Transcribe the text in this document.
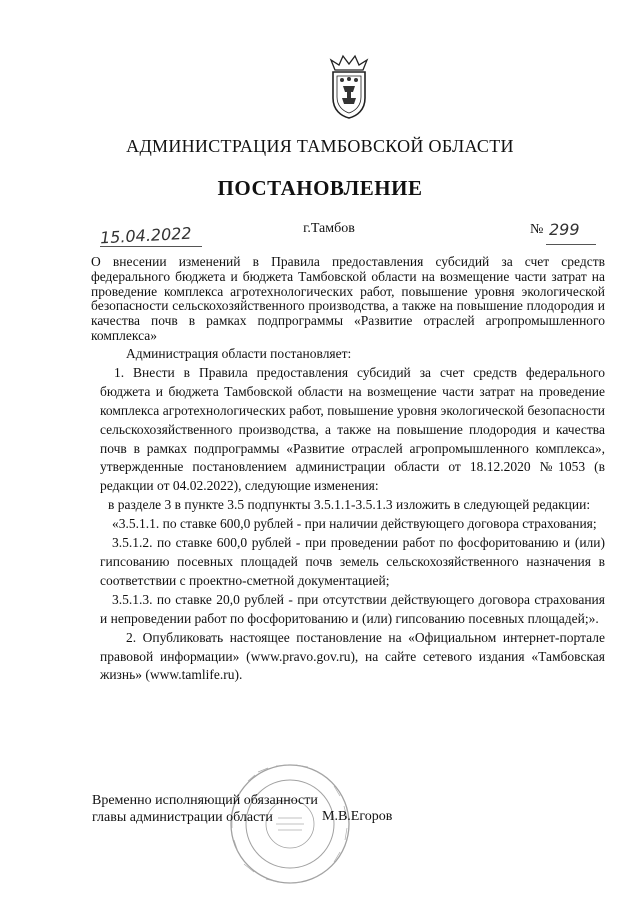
АДМИНИСТРАЦИЯ ТАМБОВСКОЙ ОБЛАСТИ
ПОСТАНОВЛЕНИЕ
15.04.2022	г.Тамбов	№ 299
О внесении изменений в Правила предоставления субсидий за счет средств федерального бюджета и бюджета Тамбовской области на возмещение части затрат на проведение комплекса агротехнологических работ, повышение уровня экологической безопасности сельскохозяйственного производства, а также на повышение плодородия и качества почв в рамках подпрограммы «Развитие отраслей агропромышленного комплекса»

Администрация области постановляет:

1. Внести в Правила предоставления субсидий за счет средств федерального бюджета и бюджета Тамбовской области на возмещение части затрат на проведение комплекса агротехнологических работ, повышение уровня экологической безопасности сельскохозяйственного производства, а также на повышение плодородия и качества почв в рамках подпрограммы «Развитие отраслей агропромышленного комплекса», утвержденные постановлением администрации области от 18.12.2020 №1053 (в редакции от 04.02.2022), следующие изменения:

в разделе 3 в пункте 3.5 подпункты 3.5.1.1-3.5.1.3 изложить в следующей редакции:

«3.5.1.1. по ставке 600,0 рублей - при наличии действующего договора страхования;

3.5.1.2. по ставке 600,0 рублей - при проведении работ по фосфоритованию и (или) гипсованию посевных площадей почв земель сельскохозяйственного назначения в соответствии с проектно-сметной документацией;

3.5.1.3. по ставке 20,0 рублей - при отсутствии действующего договора страхования и непроведении работ по фосфоритованию и (или) гипсованию посевных площадей;».

2. Опубликовать настоящее постановление на «Официальном интернет-портале правовой информации» (www.pravo.gov.ru), на сайте сетевого издания «Тамбовская жизнь» (www.tamlife.ru).

Временно исполняющий обязанности
главы администрации области	М.В.Егоров
